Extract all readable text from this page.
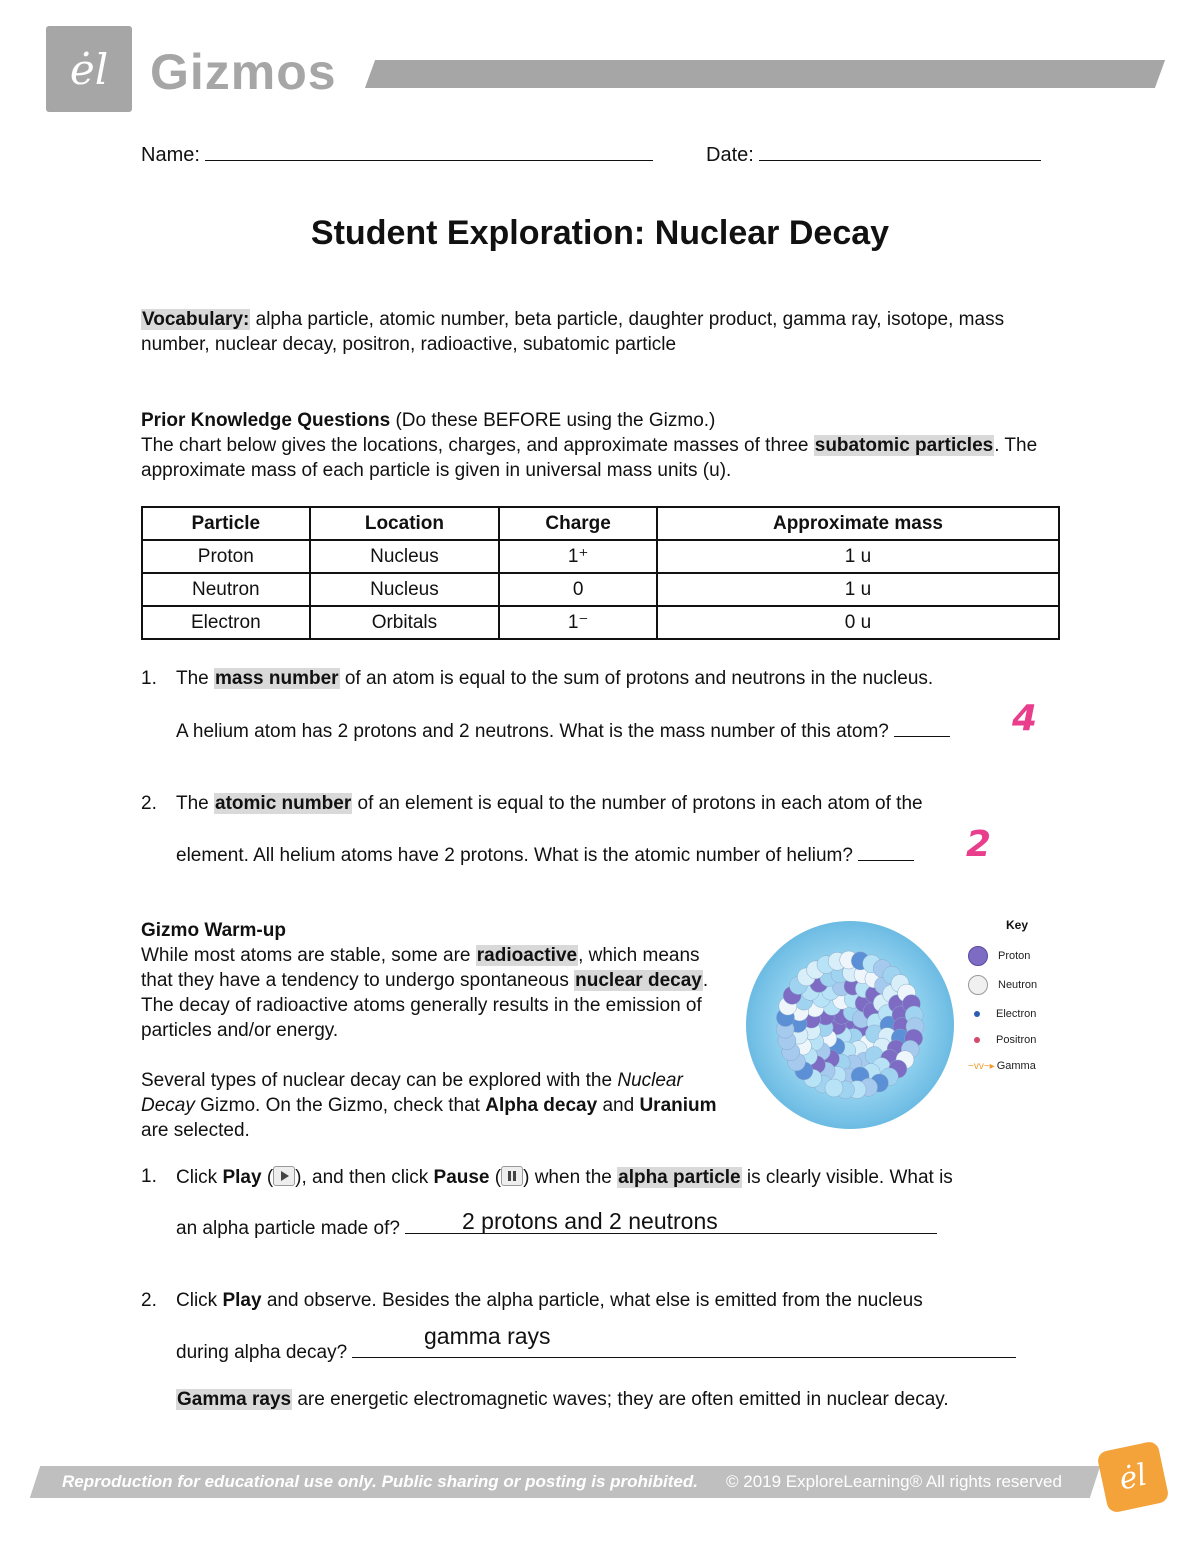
ėl Gizmos
Name:	Date:
Student Exploration: Nuclear Decay
Vocabulary: alpha particle, atomic number, beta particle, daughter product, gamma ray, isotope, mass number, nuclear decay, positron, radioactive, subatomic particle
Prior Knowledge Questions (Do these BEFORE using the Gizmo.)
The chart below gives the locations, charges, and approximate masses of three subatomic particles. The approximate mass of each particle is given in universal mass units (u).
Particle	Location	Charge	Approximate mass
Proton	Nucleus	1⁺	1 u
Neutron	Nucleus	0	1 u
Electron	Orbitals	1⁻	0 u
1. The mass number of an atom is equal to the sum of protons and neutrons in the nucleus.
A helium atom has 2 protons and 2 neutrons. What is the mass number of this atom?	4
2. The atomic number of an element is equal to the number of protons in each atom of the
element. All helium atoms have 2 protons. What is the atomic number of helium?	2
Gizmo Warm-up
While most atoms are stable, some are radioactive, which means that they have a tendency to undergo spontaneous nuclear decay. The decay of radioactive atoms generally results in the emission of particles and/or energy.
Several types of nuclear decay can be explored with the Nuclear Decay Gizmo. On the Gizmo, check that Alpha decay and Uranium are selected.
Key
Proton
Neutron
Electron
Positron
~vv~▸ Gamma
1. Click Play ( ), and then click Pause ( ) when the alpha particle is clearly visible. What is
an alpha particle made of?	2 protons and 2 neutrons
2. Click Play and observe. Besides the alpha particle, what else is emitted from the nucleus
during alpha decay?
gamma rays
Gamma rays are energetic electromagnetic waves; they are often emitted in nuclear decay.
Reproduction for educational use only. Public sharing or posting is prohibited. © 2019 ExploreLearning® All rights reserved	ėl
